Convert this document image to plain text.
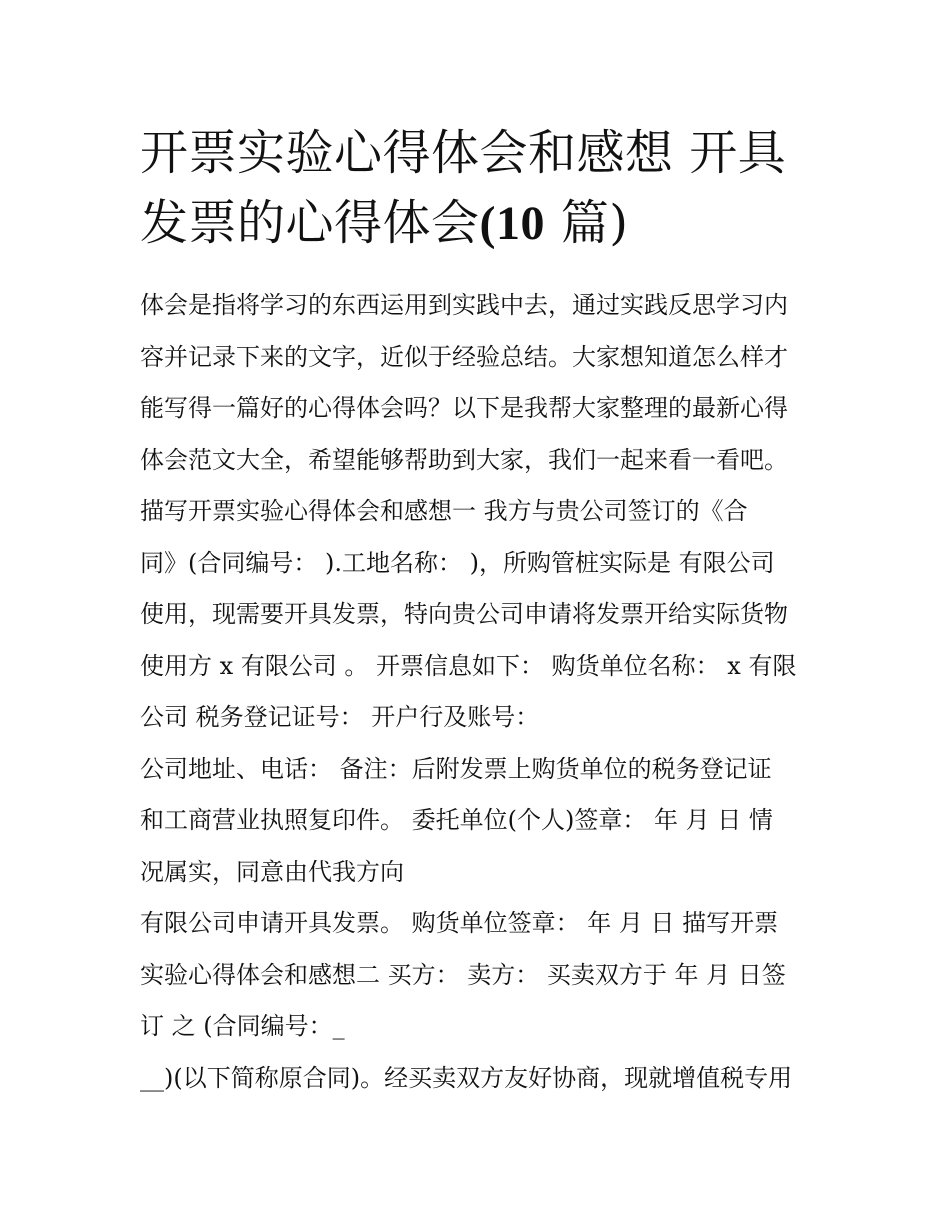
开票实验心得体会和感想 开具
发票的心得体会(10 篇)
体会是指将学习的东西运用到实践中去，通过实践反思学习内
容并记录下来的文字，近似于经验总结。大家想知道怎么样才
能写得一篇好的心得体会吗？以下是我帮大家整理的最新心得
体会范文大全，希望能够帮助到大家，我们一起来看一看吧。
描写开票实验心得体会和感想一 我方与贵公司签订的《合
同》(合同编号： ).工地名称： )，所购管桩实际是 有限公司
使用，现需要开具发票，特向贵公司申请将发票开给实际货物
使用方 x 有限公司 。 开票信息如下： 购货单位名称： x 有限
公司 税务登记证号： 开户行及账号：
公司地址、电话： 备注：后附发票上购货单位的税务登记证
和工商营业执照复印件。 委托单位(个人)签章： 年 月 日 情
况属实，同意由代我方向
有限公司申请开具发票。 购货单位签章： 年 月 日 描写开票
实验心得体会和感想二 买方： 卖方： 买卖双方于 年 月 日签
订 之 (合同编号：_
__)(以下简称原合同)。经买卖双方友好协商，现就增值税专用
